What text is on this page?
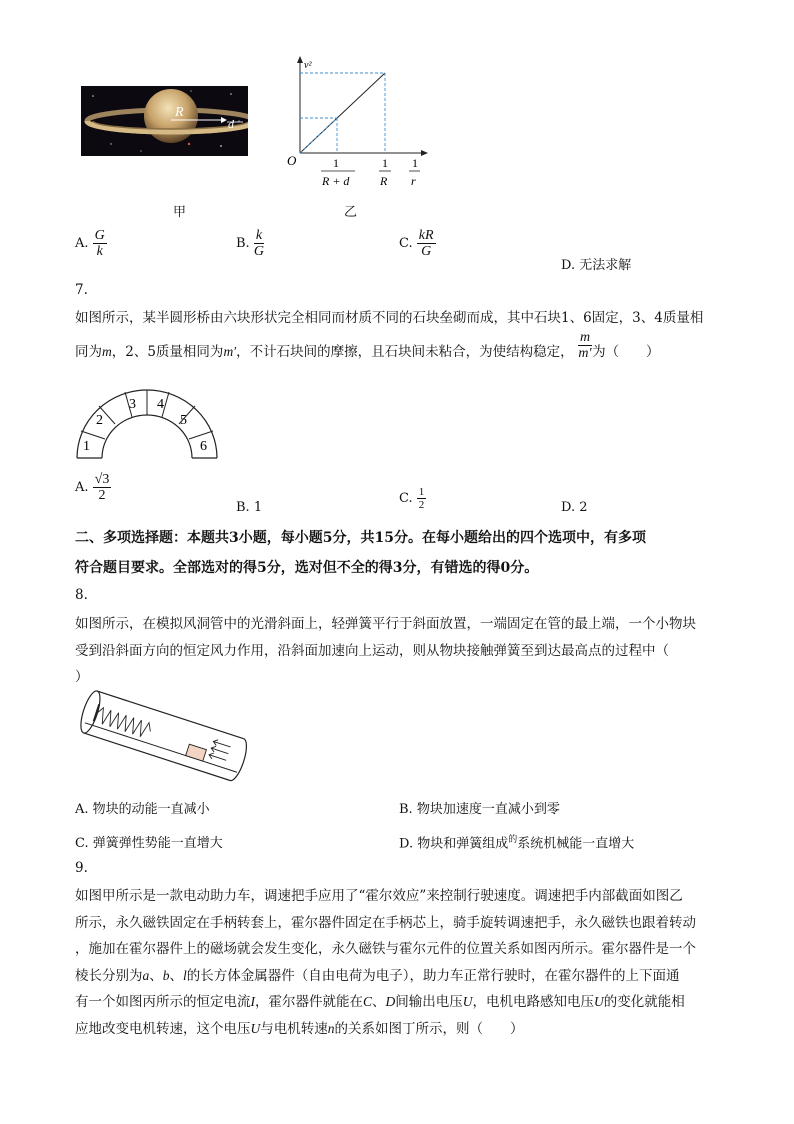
R
d
甲
v²
O	1
R + d
1
R
1
r
乙
A. $\frac{G}{k}$	B. $\frac{k}{G}$	C. $\frac{kR}{G}$
D. 无法求解
7.
如图所示，某半圆形桥由六块形状完全相同而材质不同的石块垒砌而成，其中石块1、6固定，3、4质量相
同为m，2、5质量相同为m′，不计石块间的摩擦，且石块间未粘合，为使结构稳定， $\frac{m}{m'}$ 为（　　）
1
2
3 4
5
6
A. $\frac{√3}{2}$
B. 1
C. $\frac{1}{2}$	D. 2
二、多项选择题：本题共3小题，每小题5分，共15分。在每小题给出的四个选项中，有多项
符合题目要求。全部选对的得5分，选对但不全的得3分，有错选的得0分。
8.
如图所示，在模拟风洞管中的光滑斜面上，轻弹簧平行于斜面放置，一端固定在管的最上端，一个小物块
受到沿斜面方向的恒定风力作用，沿斜面加速向上运动，则从物块接触弹簧至到达最高点的过程中（
）
A. 物块的动能一直减小	B. 物块加速度一直减小到零
C. 弹簧弹性势能一直增大	D. 物块和弹簧组成$^的$系统机械能一直增大
9.
如图甲所示是一款电动助力车，调速把手应用了“霍尔效应”来控制行驶速度。调速把手内部截面如图乙
所示，永久磁铁固定在手柄转套上，霍尔器件固定在手柄芯上，骑手旋转调速把手，永久磁铁也跟着转动
，施加在霍尔器件上的磁场就会发生变化，永久磁铁与霍尔元件的位置关系如图丙所示。霍尔器件是一个
棱长分别为a、b、l的长方体金属器件（自由电荷为电子），助力车正常行驶时，在霍尔器件的上下面通
有一个如图丙所示的恒定电流I，霍尔器件就能在C、D间输出电压U，电机电路感知电压U的变化就能相
应地改变电机转速，这个电压U与电机转速n的关系如图丁所示，则（　　）
